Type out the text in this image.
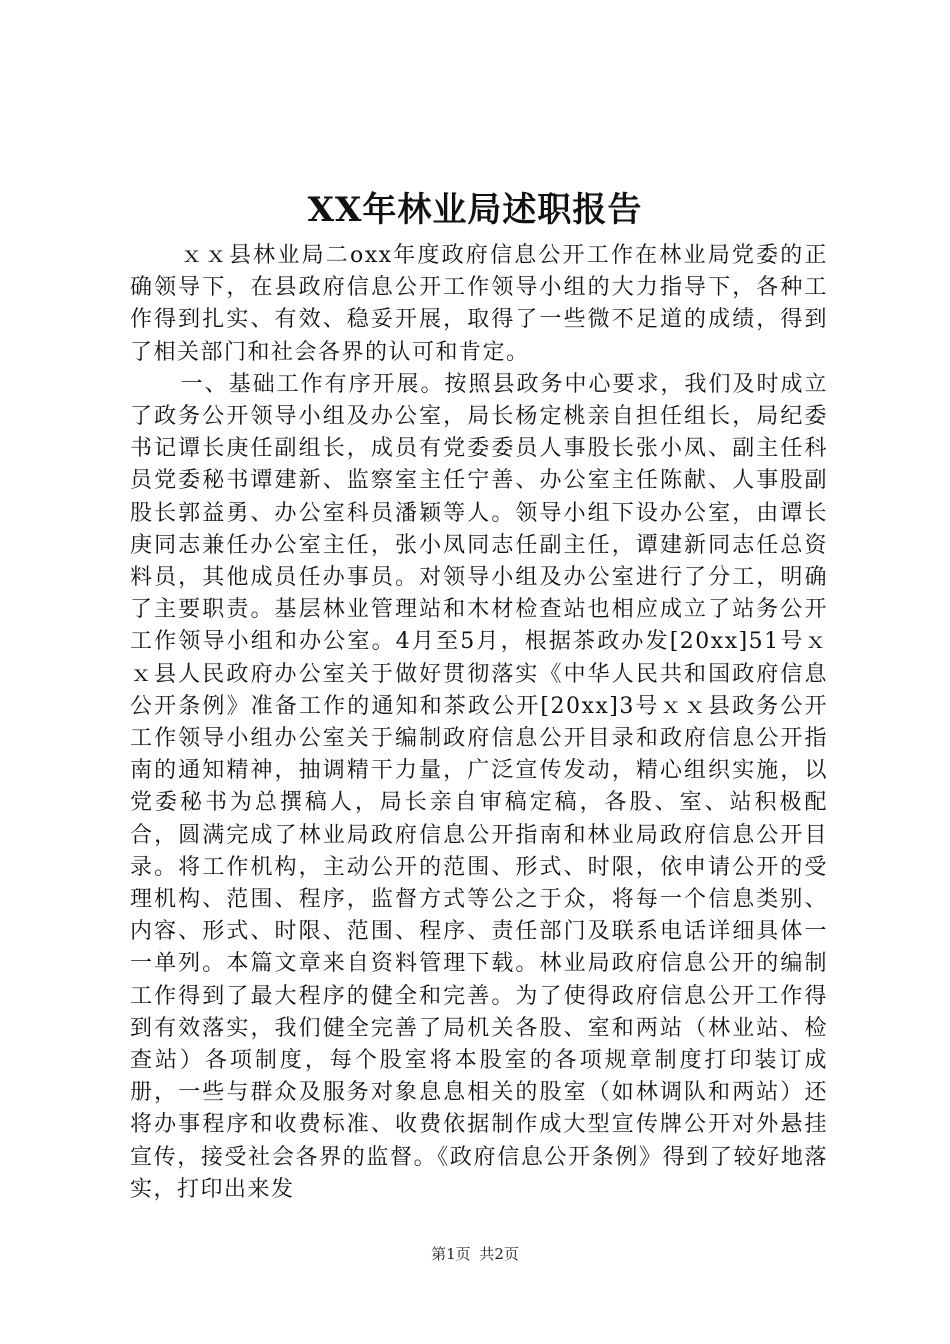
XX年林业局述职报告

ｘｘ县林业局二oxx年度政府信息公开工作在林业局党委的正确领导下，在县政府信息公开工作领导小组的大力指导下，各种工作得到扎实、有效、稳妥开展，取得了一些微不足道的成绩，得到了相关部门和社会各界的认可和肯定。

一、基础工作有序开展。按照县政务中心要求，我们及时成立了政务公开领导小组及办公室，局长杨定桃亲自担任组长，局纪委书记谭长庚任副组长，成员有党委委员人事股长张小凤、副主任科员党委秘书谭建新、监察室主任宁善、办公室主任陈献、人事股副股长郭益勇、办公室科员潘颖等人。领导小组下设办公室，由谭长庚同志兼任办公室主任，张小凤同志任副主任，谭建新同志任总资料员，其他成员任办事员。对领导小组及办公室进行了分工，明确了主要职责。基层林业管理站和木材检查站也相应成立了站务公开工作领导小组和办公室。4月至5月，根据茶政办发[20xx]51号ｘｘ县人民政府办公室关于做好贯彻落实《中华人民共和国政府信息公开条例》准备工作的通知和茶政公开[20xx]3号ｘｘ县政务公开工作领导小组办公室关于编制政府信息公开目录和政府信息公开指南的通知精神，抽调精干力量，广泛宣传发动，精心组织实施，以党委秘书为总撰稿人，局长亲自审稿定稿，各股、室、站积极配合，圆满完成了林业局政府信息公开指南和林业局政府信息公开目录。将工作机构，主动公开的范围、形式、时限，依申请公开的受理机构、范围、程序，监督方式等公之于众，将每一个信息类别、内容、形式、时限、范围、程序、责任部门及联系电话详细具体一一单列。本篇文章来自资料管理下载。林业局政府信息公开的编制工作得到了最大程序的健全和完善。为了使得政府信息公开工作得到有效落实，我们健全完善了局机关各股、室和两站（林业站、检查站）各项制度，每个股室将本股室的各项规章制度打印装订成册，一些与群众及服务对象息息相关的股室（如林调队和两站）还将办事程序和收费标准、收费依据制作成大型宣传牌公开对外悬挂宣传，接受社会各界的监督。《政府信息公开条例》得到了较好地落实，打印出来发

第1页 共2页
